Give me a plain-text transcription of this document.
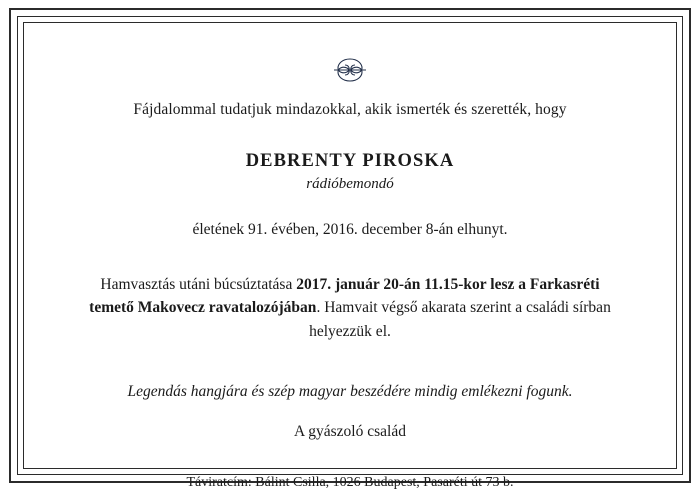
Fájdalommal tudatjuk mindazokkal, akik ismerték és szerették, hogy
DEBRENTY PIROSKA
rádióbemondó
életének 91. évében, 2016. december 8-án elhunyt.
Hamvasztás utáni búcsúztatása 2017. január 20-án 11.15-kor lesz a Farkasréti temető Makovecz ravatalozójában. Hamvait végső akarata szerint a családi sírban helyezzük el.
Legendás hangjára és szép magyar beszédére mindig emlékezni fogunk.
A gyászoló család
Táviratcím: Bálint Csilla, 1026 Budapest, Pasaréti út 73 b.
